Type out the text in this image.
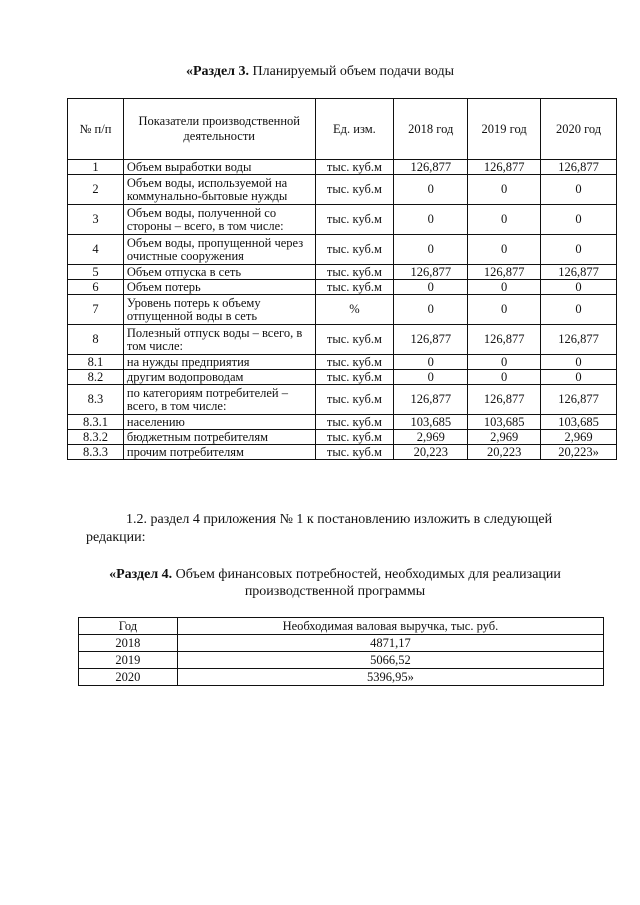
«Раздел 3. Планируемый объем подачи воды
№ п/п	Показатели производственной деятельности	Ед. изм.	2018 год	2019 год	2020 год
1	Объем выработки воды	тыс. куб.м	126,877	126,877	126,877
2	Объем воды, используемой на коммунально-бытовые нужды	тыс. куб.м	0	0	0
3	Объем воды, полученной со стороны – всего, в том числе:	тыс. куб.м	0	0	0
4	Объем воды, пропущенной через очистные сооружения	тыс. куб.м	0	0	0
5	Объем отпуска в сеть	тыс. куб.м	126,877	126,877	126,877
6	Объем потерь	тыс. куб.м	0	0	0
7	Уровень потерь к объему отпущенной воды в сеть	%	0	0	0
8	Полезный отпуск воды – всего, в том числе:	тыс. куб.м	126,877	126,877	126,877
8.1	на нужды предприятия	тыс. куб.м	0	0	0
8.2	другим водопроводам	тыс. куб.м	0	0	0
8.3	по категориям потребителей – всего, в том числе:	тыс. куб.м	126,877	126,877	126,877
8.3.1	населению	тыс. куб.м	103,685	103,685	103,685
8.3.2	бюджетным потребителям	тыс. куб.м	2,969	2,969	2,969
8.3.3	прочим потребителям	тыс. куб.м	20,223	20,223	20,223»
1.2. раздел 4 приложения № 1 к постановлению изложить в следующей
редакции:
«Раздел 4. Объем финансовых потребностей, необходимых для реализации
производственной программы
Год	Необходимая валовая выручка, тыс. руб.
2018	4871,17
2019	5066,52
2020	5396,95»
